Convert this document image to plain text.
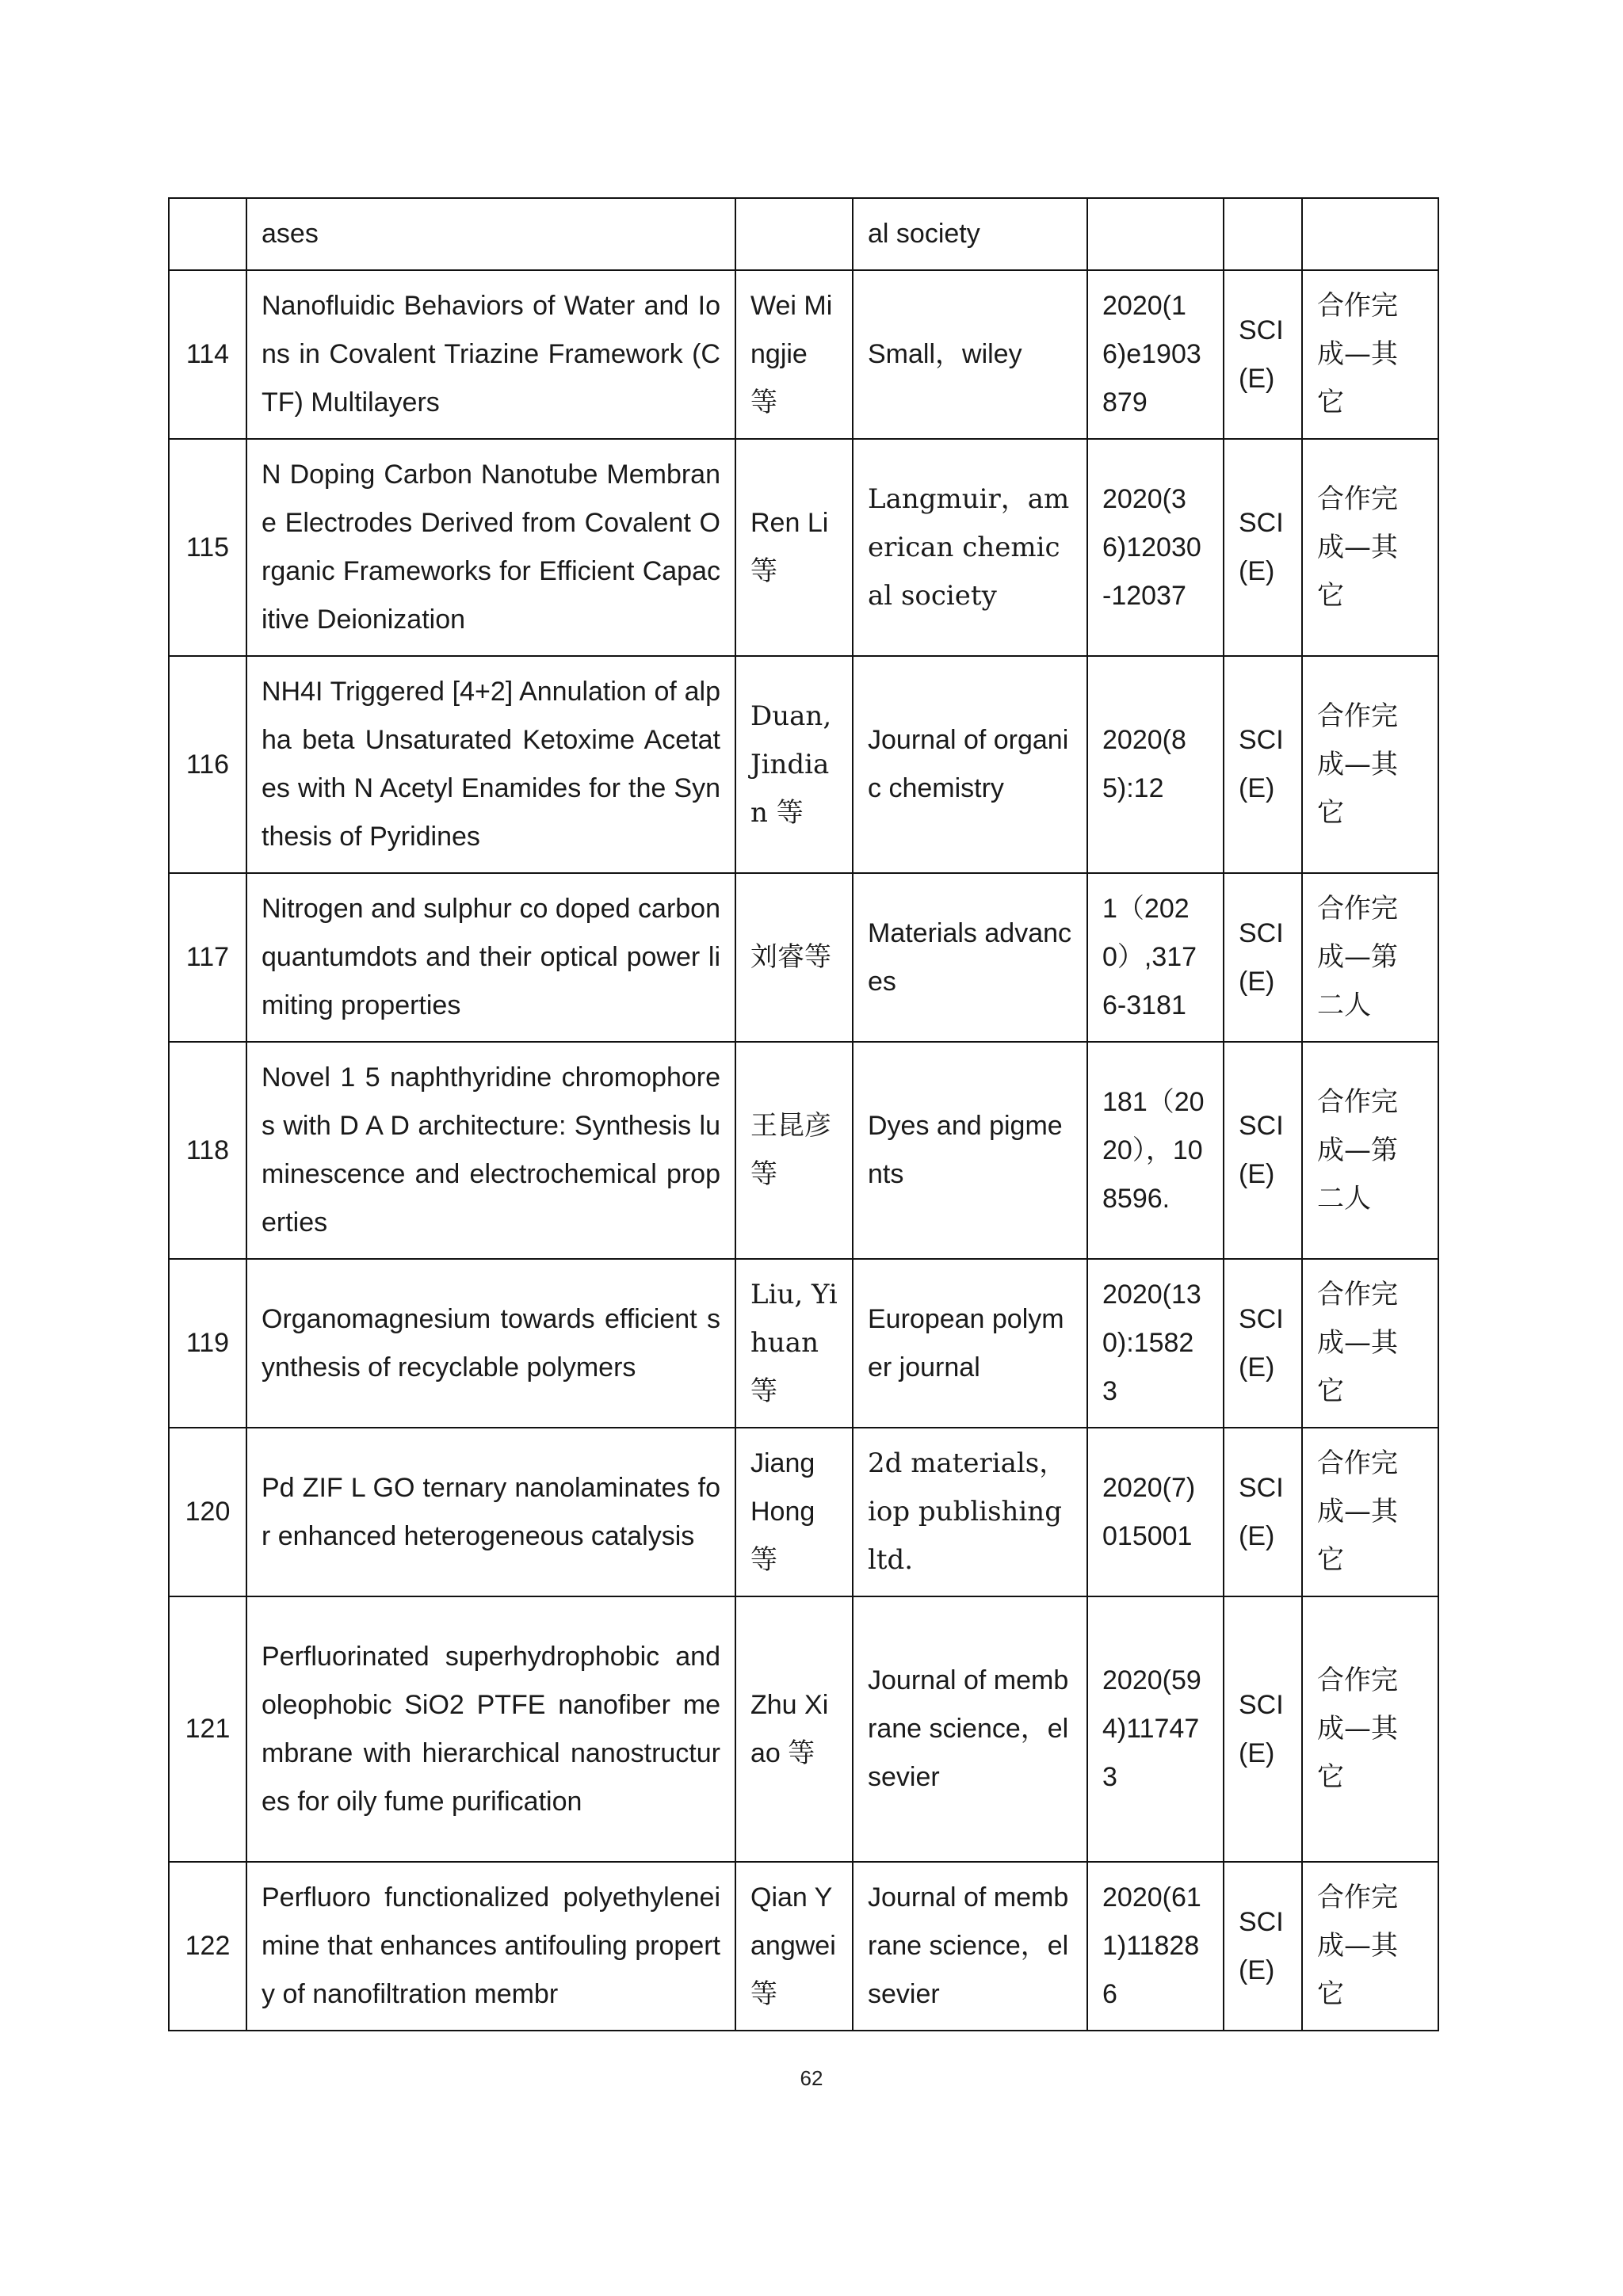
	ases		al society			
114	Nanofluidic Behaviors of Water and Ions in Covalent Triazine Framework (CTF) Multilayers	Wei Mingjie 等	Small，wiley	2020(16)e1903879	SCI (E)	合作完成—其它
115	N Doping Carbon Nanotube Membrane Electrodes Derived from Covalent Organic Frameworks for Efficient Capacitive Deionization	Ren Li 等	Langmuir，american chemical society	2020(36)12030-12037	SCI (E)	合作完成—其它
116	NH4I Triggered [4+2] Annulation of alpha beta Unsaturated Ketoxime Acetates with N Acetyl Enamides for the Synthesis of Pyridines	Duan, Jindian 等	Journal of organic chemistry	2020(85):12	SCI (E)	合作完成—其它
117	Nitrogen and sulphur co doped carbon quantumdots and their optical power limiting properties	刘睿等	Materials advances	1（2020）,3176-3181	SCI (E)	合作完成—第二人
118	Novel 1 5 naphthyridine chromophores with D A D architecture: Synthesis luminescence and electrochemical properties	王昆彦等	Dyes and pigments	181（2020），108596.	SCI (E)	合作完成—第二人
119	Organomagnesium towards efficient synthesis of recyclable polymers	Liu, Yihuan 等	European polymer journal	2020(130):15823	SCI (E)	合作完成—其它
120	Pd ZIF L GO ternary nanolaminates for enhanced heterogeneous catalysis	Jiang Hong 等	2d materials，iop publishing ltd.	2020(7) 015001	SCI (E)	合作完成—其它
121	Perfluorinated superhydrophobic and oleophobic SiO2 PTFE nanofiber membrane with hierarchical nanostructures for oily fume purification	Zhu Xiao 等	Journal of membrane science，elsevier	2020(594)117473	SCI (E)	合作完成—其它
122	Perfluoro functionalized polyethyleneimine that enhances antifouling property of nanofiltration membr	Qian Yangwei 等	Journal of membrane science，elsevier	2020(611)118286	SCI (E)	合作完成—其它
62
